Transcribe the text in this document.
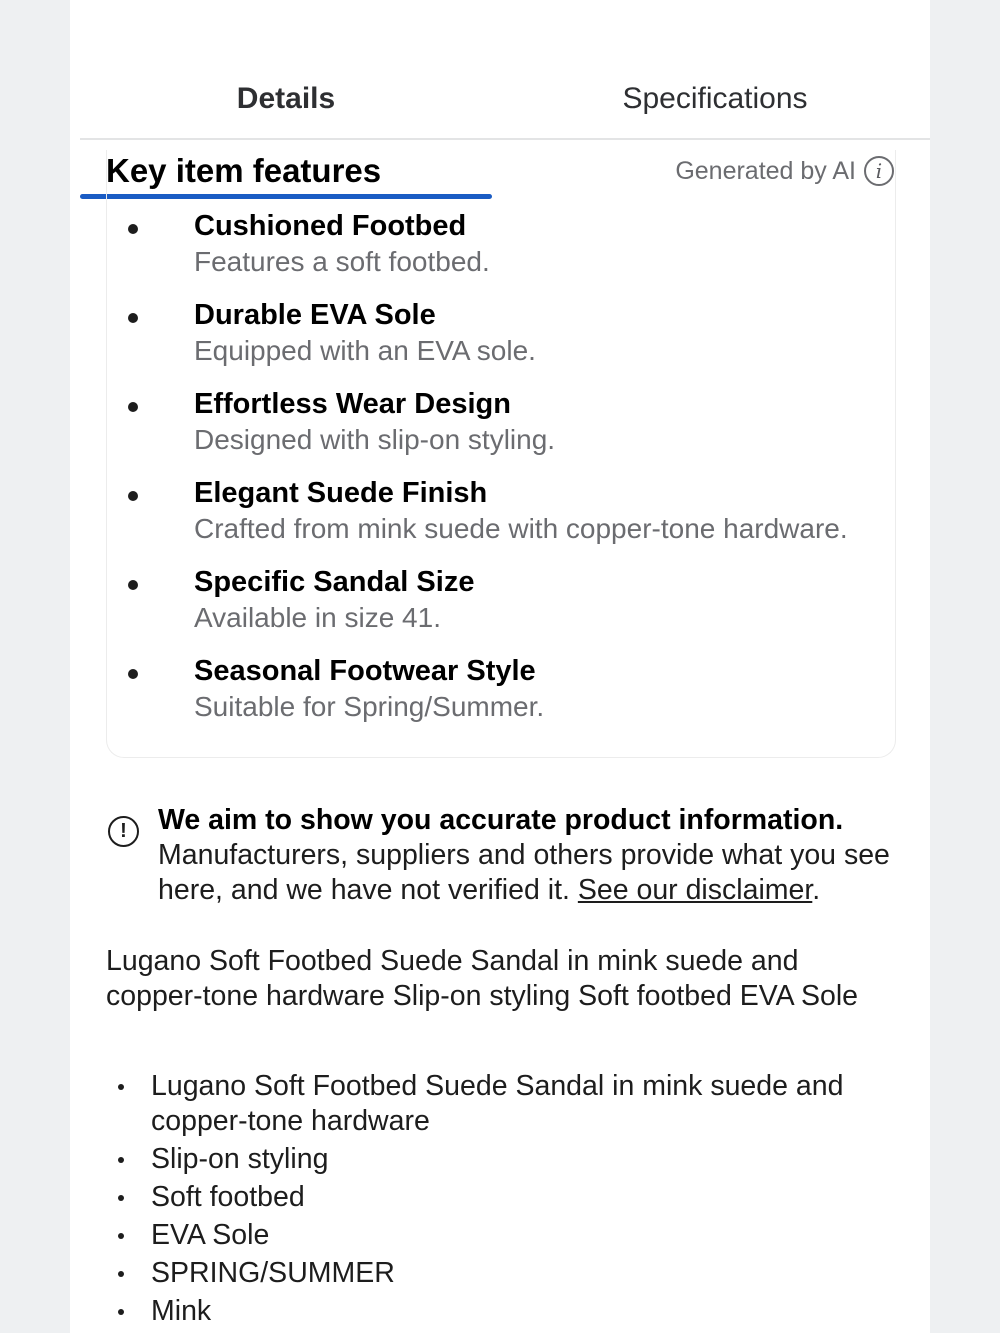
Details	Specifications
Cushioned Footbed
Features a soft footbed.
Durable EVA Sole
Equipped with an EVA sole.
Effortless Wear Design
Designed with slip-on styling.
Elegant Suede Finish
Crafted from mink suede with copper-tone hardware.
Specific Sandal Size
Available in size 41.
Seasonal Footwear Style
Suitable for Spring/Summer.
Key item features	Generated by AI i
!	We aim to show you accurate product information.
Manufacturers, suppliers and others provide what you see here, and we have not verified it. See our disclaimer.
Lugano Soft Footbed Suede Sandal in mink suede and copper-tone hardware Slip-on styling Soft footbed EVA Sole
Lugano Soft Footbed Suede Sandal in mink suede and copper-tone hardware
Slip-on styling
Soft footbed
EVA Sole
SPRING/SUMMER
Mink
